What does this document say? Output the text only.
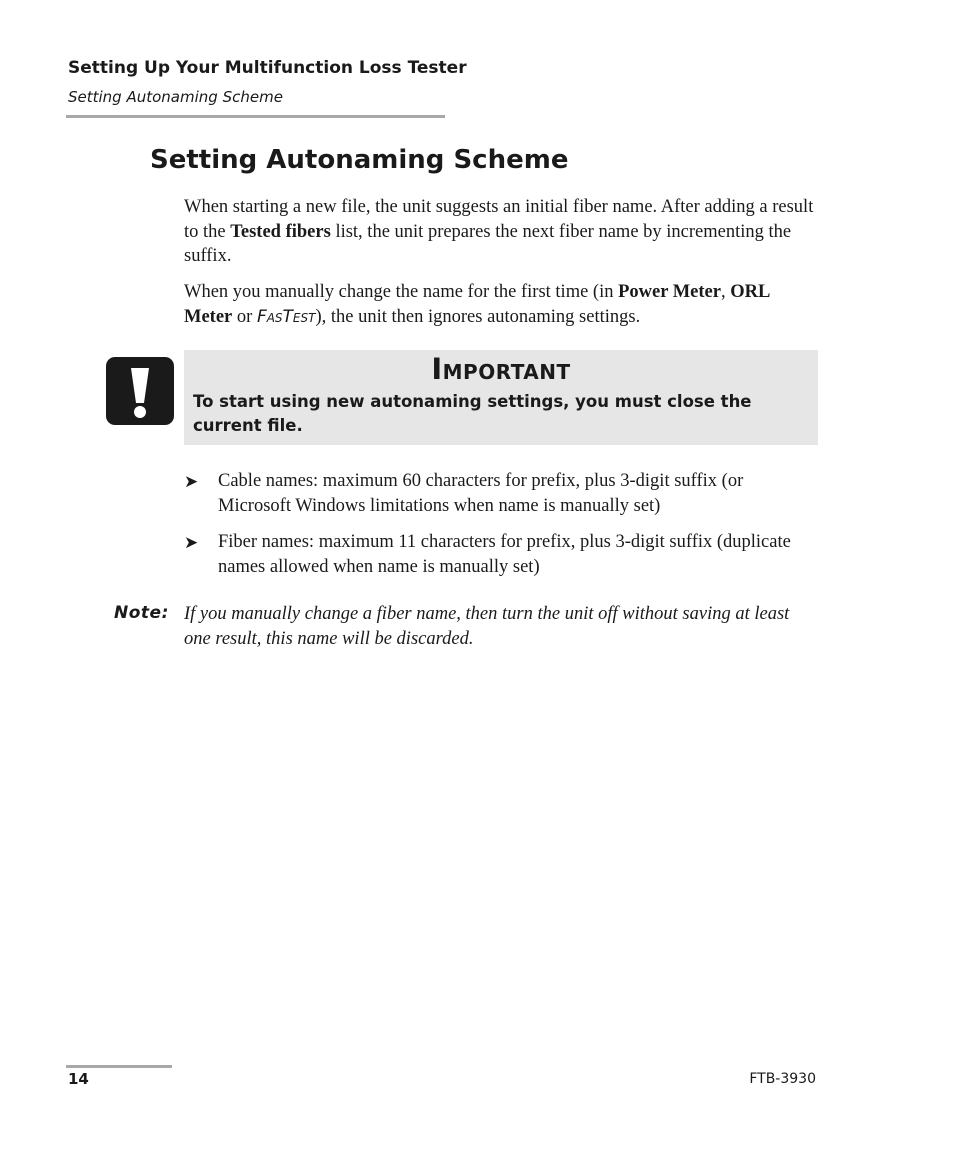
Setting Up Your Multifunction Loss Tester
Setting Autonaming Scheme
Setting Autonaming Scheme
When starting a new file, the unit suggests an initial fiber name. After adding a result to the Tested fibers list, the unit prepares the next fiber name by incrementing the suffix.
When you manually change the name for the first time (in Power Meter, ORL Meter or FasTest), the unit then ignores autonaming settings.
Important
To start using new autonaming settings, you must close the current file.
➤	Cable names: maximum 60 characters for prefix, plus 3-digit suffix (or Microsoft Windows limitations when name is manually set)
➤	Fiber names: maximum 11 characters for prefix, plus 3-digit suffix (duplicate names allowed when name is manually set)
Note: If you manually change a fiber name, then turn the unit off without saving at least one result, this name will be discarded.
14	FTB-3930
